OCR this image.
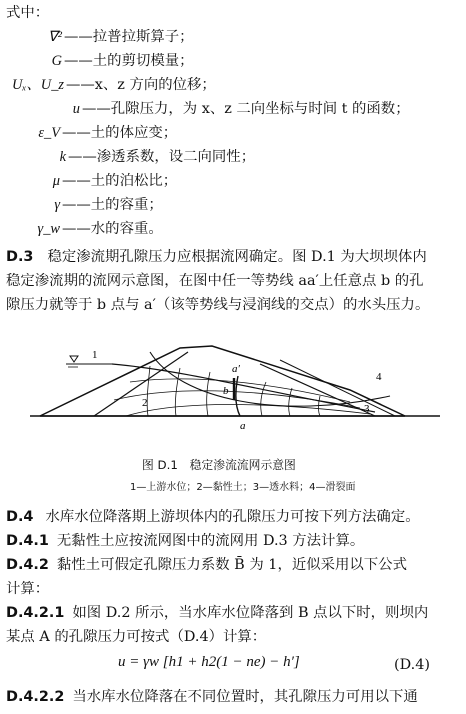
式中：
∇² ——拉普拉斯算子；
G ——土的剪切模量；
Uₓ、U_z ——x、z 方向的位移；
u ——孔隙压力，为 x、z 二向坐标与时间 t 的函数；
ε_V ——土的体应变；
k ——渗透系数，设二向同性；
μ ——土的泊松比；
γ ——土的容重；
γ_w ——水的容重。
D.3 稳定渗流期孔隙压力应根据流网确定。图 D.1 为大坝坝体内
稳定渗流期的流网示意图，在图中任一等势线 aa′上任意点 b 的孔
隙压力就等于 b 点与 a′（该等势线与浸润线的交点）的水头压力。
1
2	3
4
a′
b
a
图 D.1　稳定渗流流网示意图
1—上游水位；2—黏性土；3—透水料；4—滑裂面
D.4 水库水位降落期上游坝体内的孔隙压力可按下列方法确定。
D.4.1 无黏性土应按流网图中的流网用 D.3 方法计算。
D.4.2 黏性土可假定孔隙压力系数 B̄ 为 1，近似采用以下公式
计算：
D.4.2.1 如图 D.2 所示，当水库水位降落到 B 点以下时，则坝内
某点 A 的孔隙压力可按式（D.4）计算：
u = γw [h1 + h2(1 − ne) − h′]	(D.4)
D.4.2.2 当水库水位降落在不同位置时，其孔隙压力可用以下通
